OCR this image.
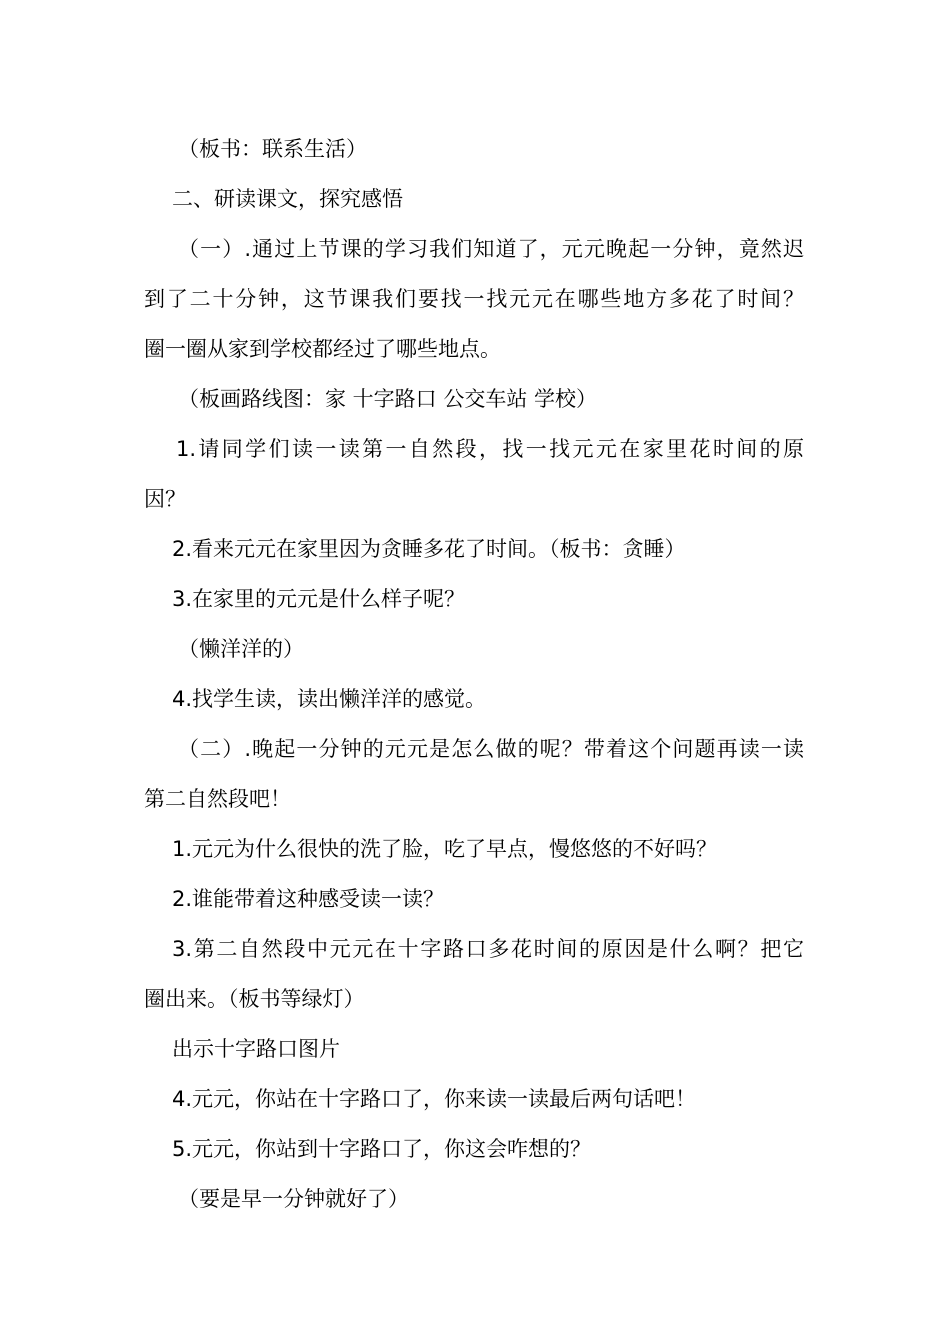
（板书：联系生活）
二、研读课文，探究感悟
（一）.通过上节课的学习我们知道了，元元晚起一分钟，竟然迟
到了二十分钟，这节课我们要找一找元元在哪些地方多花了时间？
圈一圈从家到学校都经过了哪些地点。
（板画路线图：家 十字路口 公交车站 学校）
1.请同学们读一读第一自然段，找一找元元在家里花时间的原
因？
2.看来元元在家里因为贪睡多花了时间。（板书：贪睡）
3.在家里的元元是什么样子呢？
（懒洋洋的）
4.找学生读，读出懒洋洋的感觉。
（二）.晚起一分钟的元元是怎么做的呢？带着这个问题再读一读
第二自然段吧！
1.元元为什么很快的洗了脸，吃了早点，慢悠悠的不好吗？
2.谁能带着这种感受读一读？
3.第二自然段中元元在十字路口多花时间的原因是什么啊？把它
圈出来。（板书等绿灯）
出示十字路口图片
4.元元，你站在十字路口了，你来读一读最后两句话吧！
5.元元，你站到十字路口了，你这会咋想的？
（要是早一分钟就好了）
